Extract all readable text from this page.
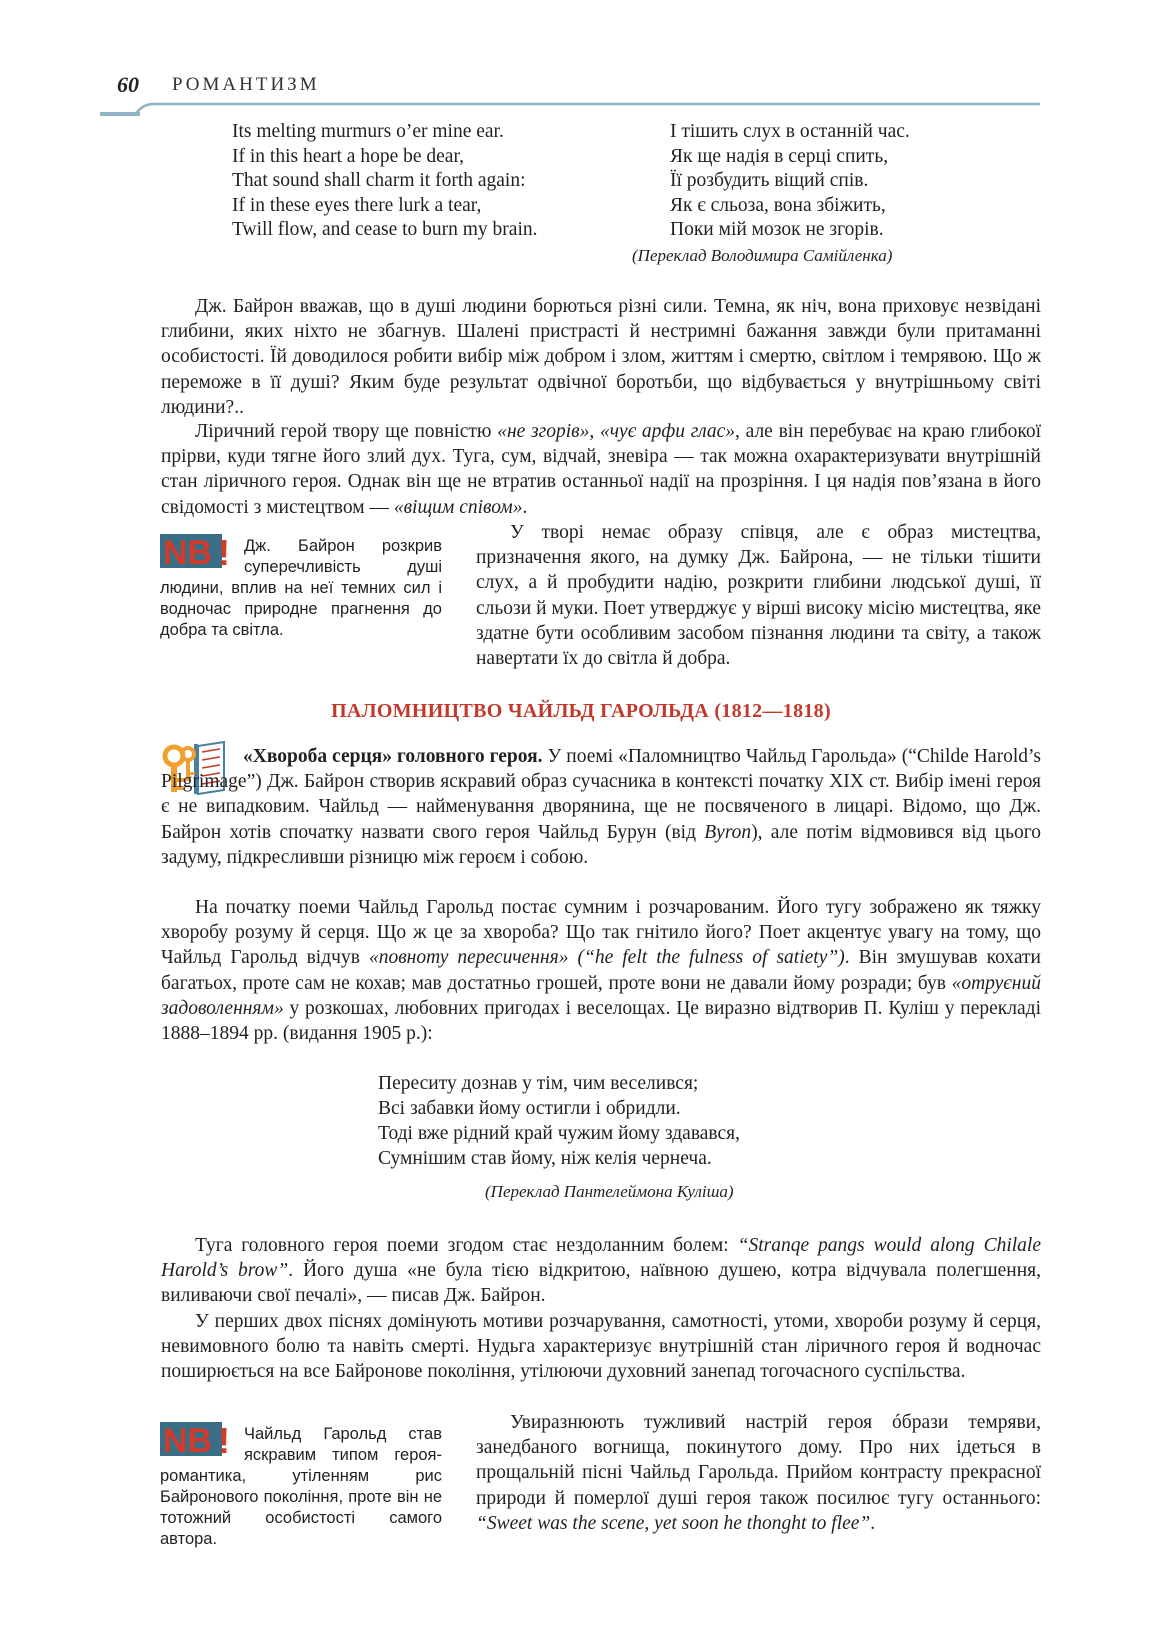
60 РОМАНТИЗМ
Its melting murmurs o’er mine ear.
If in this heart a hope be dear,
That sound shall charm it forth again:
If in these eyes there lurk a tear,
Twill flow, and cease to burn my brain.
І тішить слух в останній час.
Як ще надія в серці спить,
Її розбудить віщий спів.
Як є сльоза, вона збіжить,
Поки мій мозок не згорів.
(Переклад Володимира Самійленка)
Дж. Байрон вважав, що в душі людини борються різні сили. Темна, як ніч, вона приховує незвідані глибини, яких ніхто не збагнув. Шалені пристрасті й нестримні бажання завжди були притаманні особистості. Їй доводилося робити вибір між добром і злом, життям і смертю, світлом і темрявою. Що ж переможе в її душі? Яким буде результат одвічної боротьби, що відбувається у внутрішньому світі людини?..
Ліричний герой твору ще повністю «не згорів», «чує арфи глас», але він перебуває на краю глибокої прірви, куди тягне його злий дух. Туга, сум, відчай, зневіра — так можна охарактеризувати внутрішній стан ліричного героя. Однак він ще не втратив останньої надії на прозріння. І ця надія пов’язана в його свідомості з мистецтвом — «віщим співом».
NB ! Дж. Байрон розкрив суперечливість душі людини, вплив на неї темних сил і водночас природне прагнення до добра та світла.
У творі немає образу співця, але є образ мистецтва, призначення якого, на думку Дж. Байрона, — не тільки тішити слух, а й пробудити надію, розкрити глибини людської душі, її сльози й муки. Поет утверджує у вірші високу місію мистецтва, яке здатне бути особливим засобом пізнання людини та світу, а також навертати їх до світла й добра.
ПАЛОМНИЦТВО ЧАЙЛЬД ГАРОЛЬДА (1812—1818)
«Хвороба серця» головного героя. У поемі «Паломництво Чайльд Гарольда» (“Childe Harold’s Pilgrimage”) Дж. Байрон створив яскравий образ сучасника в контексті початку XIX ст. Вибір імені героя є не випадковим. Чайльд — найменування дворянина, ще не посвяченого в лицарі. Відомо, що Дж. Байрон хотів спочатку назвати свого героя Чайльд Бурун (від Byron), але потім відмовився від цього задуму, підкресливши різницю між героєм і собою.
На початку поеми Чайльд Гарольд постає сумним і розчарованим. Його тугу зображено як тяжку хворобу розуму й серця. Що ж це за хвороба? Що так гнітило його? Поет акцентує увагу на тому, що Чайльд Гарольд відчув «повноту пересичення» (“he felt the fulness of satiety”). Він змушував кохати багатьох, проте сам не кохав; мав достатньо грошей, проте вони не давали йому розради; був «отруєний задоволенням» у розкошах, любовних пригодах і веселощах. Це виразно відтворив П. Куліш у перекладі 1888–1894 рр. (видання 1905 р.):
Переситу дознав у тім, чим веселився;
Всі забавки йому остигли і обридли.
Тоді вже рідний край чужим йому здавався,
Сумнішим став йому, ніж келія чернеча.
(Переклад Пантелеймона Куліша)
Туга головного героя поеми згодом стає нездоланним болем: “Stranqe pangs would along Chilale Harold’s brow”. Його душа «не була тією відкритою, наївною душею, котра відчувала полегшення, виливаючи свої печалі», — писав Дж. Байрон.
У перших двох піснях домінують мотиви розчарування, самотності, утоми, хвороби розуму й серця, невимовного болю та навіть смерті. Нудьга характеризує внутрішній стан ліричного героя й водночас поширюється на все Байронове покоління, утілюючи духовний занепад тогочасного суспільства.
NB ! Чайльд Гарольд став яскравим типом героя-романтика, утіленням рис Байронового покоління, проте він не тотожний особистості самого автора.
Увиразнюють тужливий настрій героя óбрази темряви, занедбаного вогнища, покинутого дому. Про них ідеться в прощальній пісні Чайльд Гарольда. Прийом контрасту прекрасної природи й померлої душі героя також посилює тугу останнього: “Sweet was the scene, yet soon he thonght to flee”.
